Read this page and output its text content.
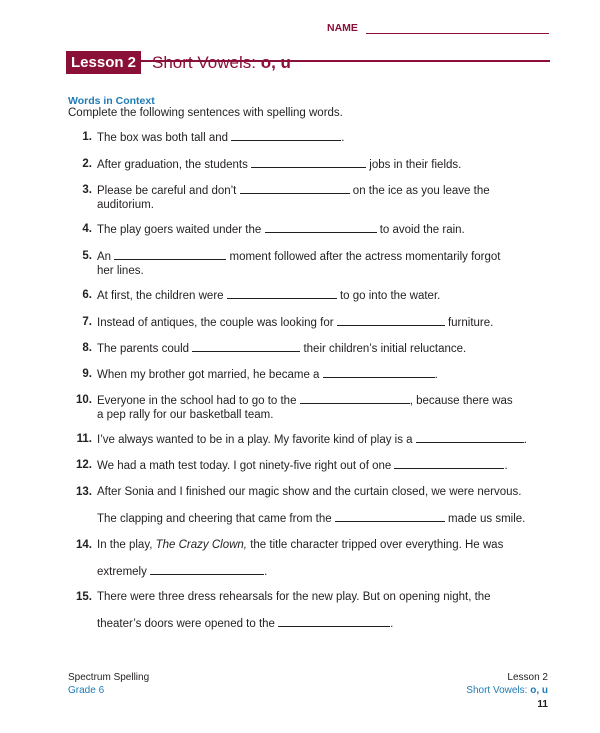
NAME
Lesson 2 Short Vowels: o, u
Words in Context
Complete the following sentences with spelling words.
1. The box was both tall and	.
2. After graduation, the students	jobs in their fields.
3. Please be careful and don’t	on the ice as you leave the
auditorium.
4. The play goers waited under the	to avoid the rain.
5. An	moment followed after the actress momentarily forgot
her lines.
6. At first, the children were	to go into the water.
7. Instead of antiques, the couple was looking for	furniture.
8. The parents could	their children’s initial reluctance.
9. When my brother got married, he became a	.
10. Everyone in the school had to go to the	, because there was
a pep rally for our basketball team.
11. I’ve always wanted to be in a play. My favorite kind of play is a	.
12. We had a math test today. I got ninety-five right out of one	.
13. After Sonia and I finished our magic show and the curtain closed, we were nervous.
The clapping and cheering that came from the	made us smile.
14. In the play, The Crazy Clown, the title character tripped over everything. He was
extremely	.
15. There were three dress rehearsals for the new play. But on opening night, the
theater’s doors were opened to the	.
Spectrum Spelling
Grade 6
Lesson 2
Short Vowels: o, u
11
